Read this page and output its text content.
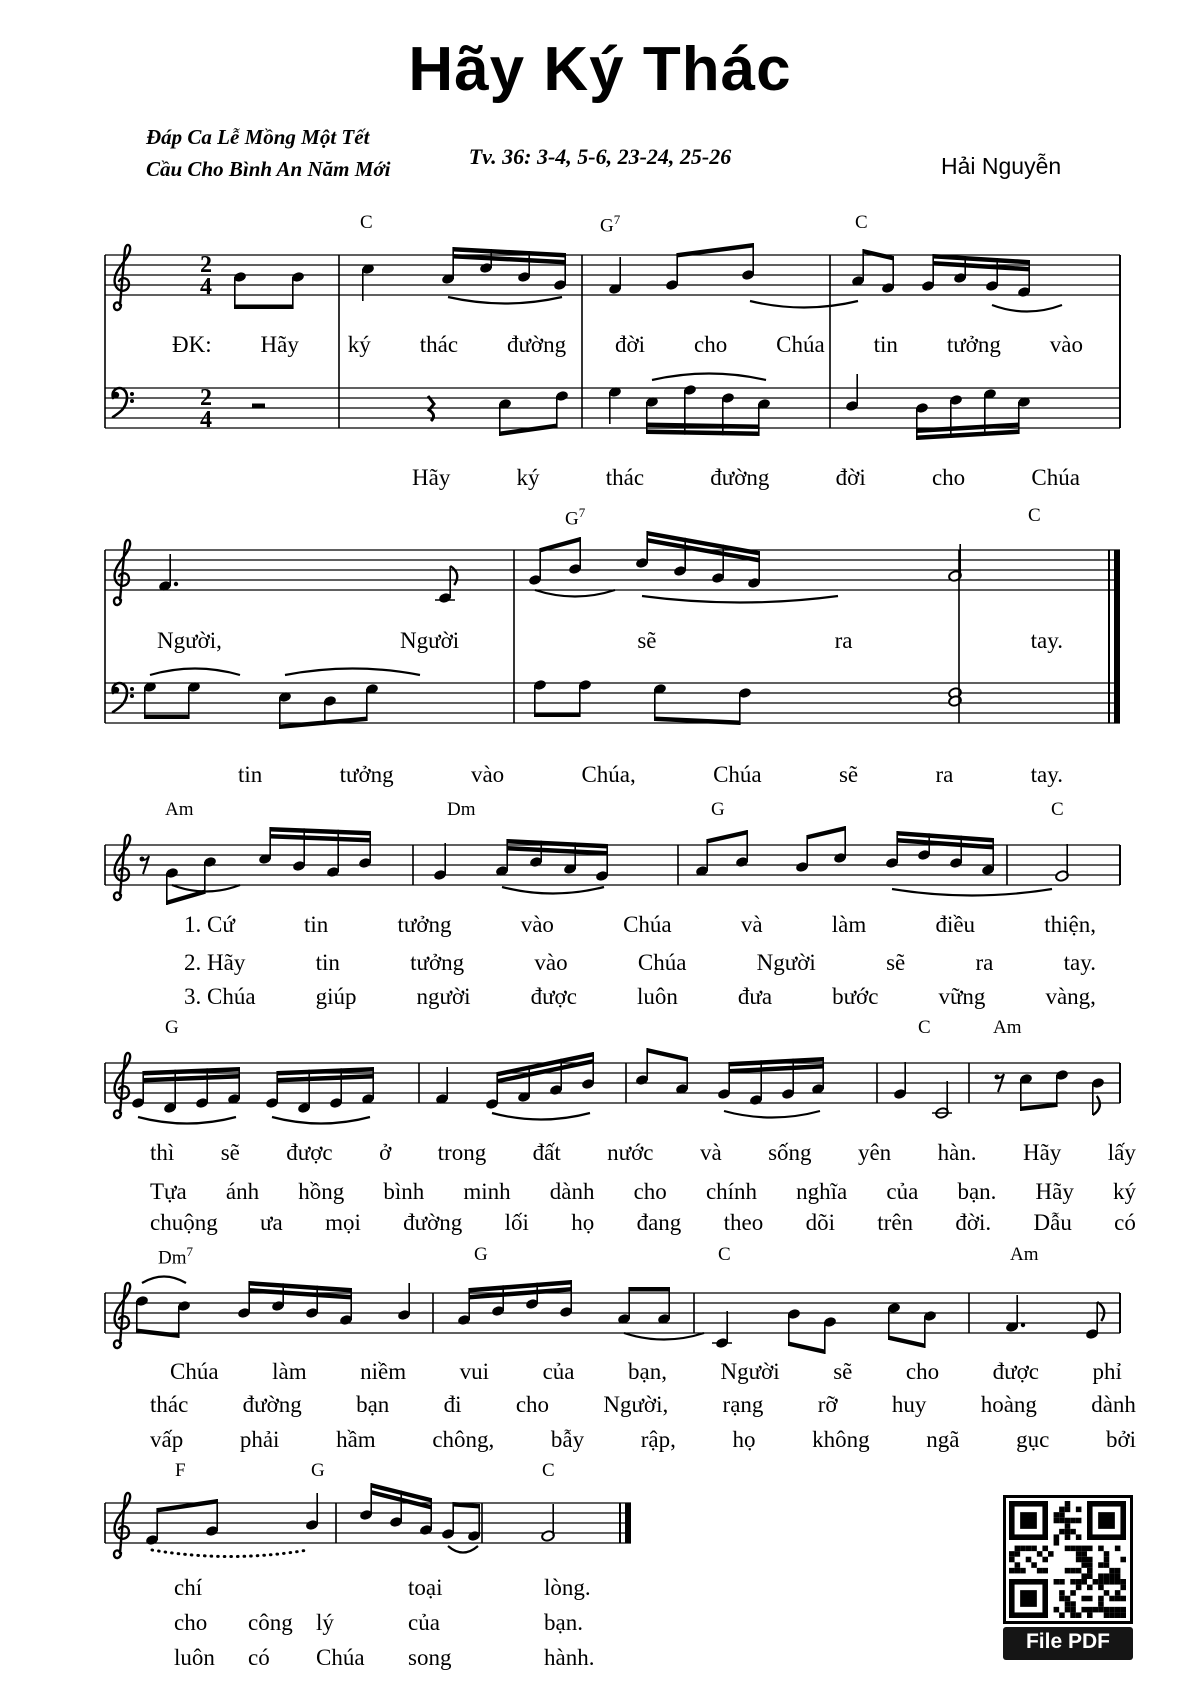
Hãy Ký Thác
Đáp Ca Lễ Mồng Một Tết
Cầu Cho Bình An Năm Mới	Tv. 36: 3-4, 5-6, 23-24, 25-26	Hải Nguyễn
2
4
2
4
C	$G^7$	C
ĐK: Hãy ký thác đường đời cho Chúa tin tưởng vào
Hãy	ký	thác	đường	đời	cho	Chúa
$G^7$	C
Người,	Người	sẽ	ra	tay.
tin	tưởng	vào	Chúa,	Chúa	sẽ	ra	tay.
Am	Dm	G	C
1. Cứ	tin	tưởng	vào	Chúa	và	làm	điều	thiện,
2. Hãy	tin	tưởng	vào	Chúa	Người	sẽ	ra	tay.
3. Chúa	giúp	người	được	luôn	đưa	bước	vững	vàng,
G	C	Am
thì sẽ được ở trong đất nước và sống yên hàn. Hãy lấy
Tựa ánh hồng bình minh dành cho chính nghĩa của bạn. Hãy ký
chuộng ưa mọi đường lối họ đang theo dõi trên đời. Dẫu có
Dm$^7$	G	C	Am
Chúa làm niềm vui của bạn, Người sẽ cho được phỉ
thác đường bạn đi cho Người, rạng rỡ huy hoàng dành
vấp phải hầm chông, bẫy rập, họ không ngã gục bởi
F	G	C
chí	toại	lòng.
cho công lý	của	bạn.
luôn có Chúa song	hành.
File PDF
